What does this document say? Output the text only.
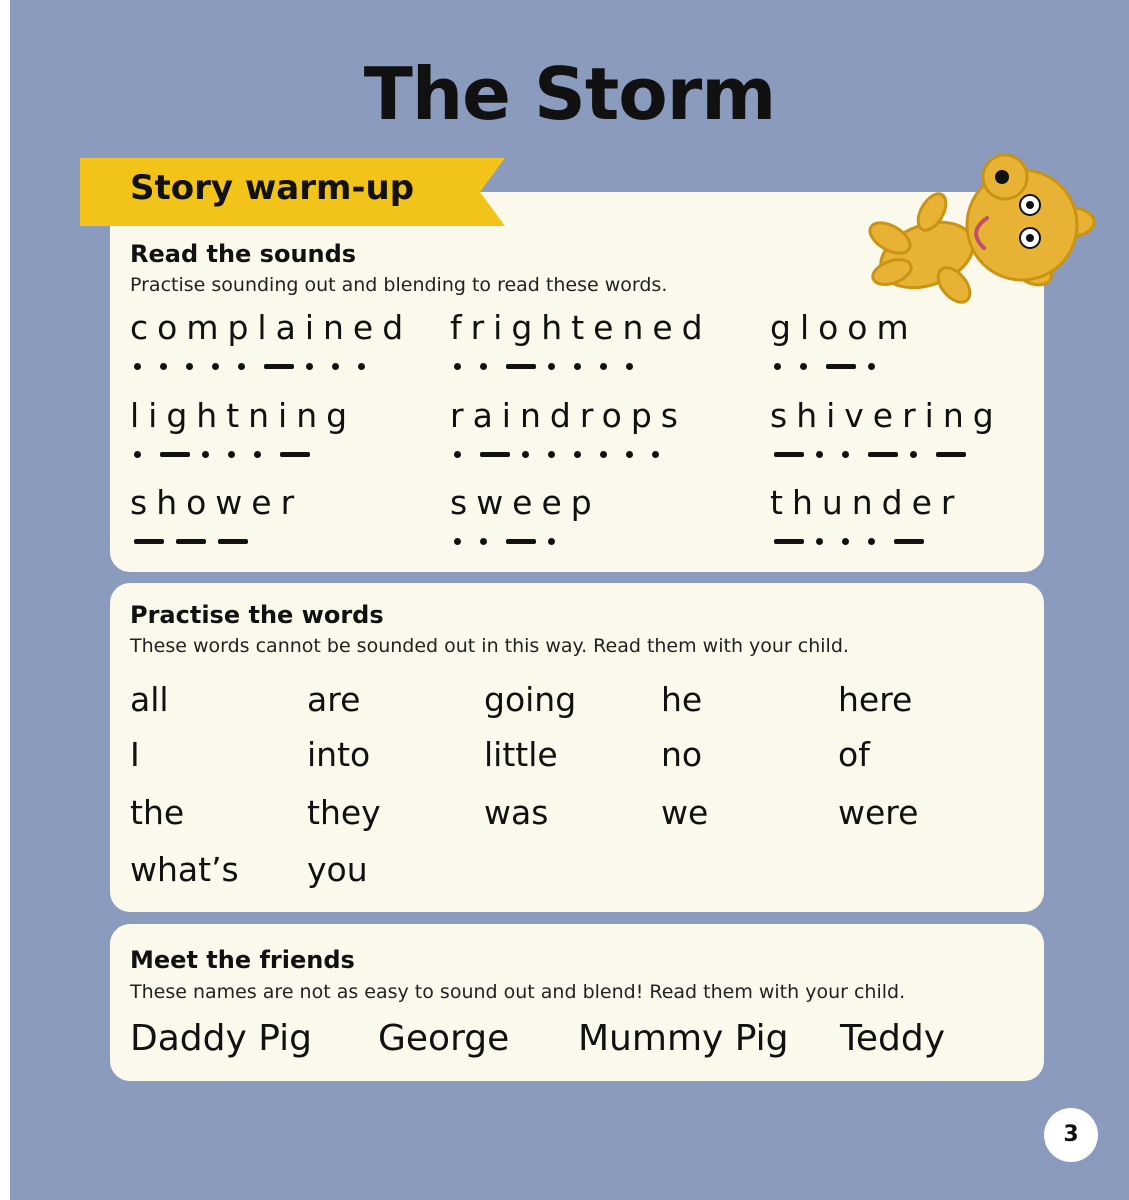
The Storm
Story warm-up
Read the sounds
Practise sounding out and blending to read these words.
complained frightened gloom
lightning	raindrops	shivering
shower	sweep	thunder
Practise the words
These words cannot be sounded out in this way. Read them with your child.
all	are	going	he	here
I	into	little	no	of
the	they	was	we	were
what’s you
Meet the friends
These names are not as easy to sound out and blend! Read them with your child.
Daddy Pig George Mummy Pig Teddy
3
